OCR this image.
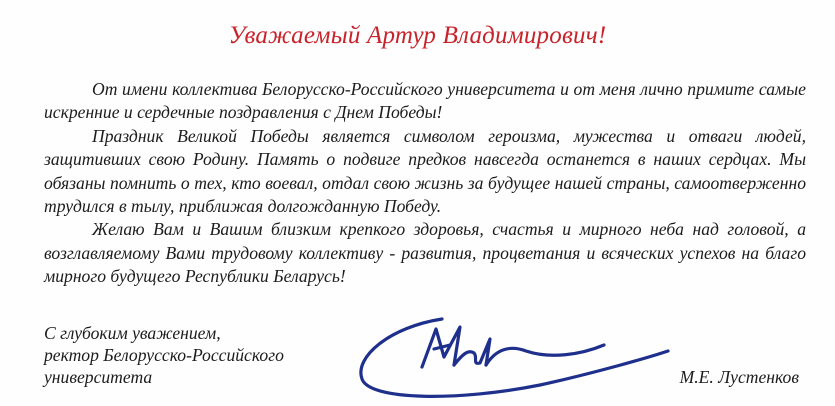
Уважаемый Артур Владимирович!

От имени коллектива Белорусско-Российского университета и от меня лично примите самые искренние и сердечные поздравления с Днем Победы!

Праздник Великой Победы является символом героизма, мужества и отваги людей, защитивших свою Родину. Память о подвиге предков навсегда останется в наших сердцах. Мы обязаны помнить о тех, кто воевал, отдал свою жизнь за будущее нашей страны, самоотверженно трудился в тылу, приближая долгожданную Победу.

Желаю Вам и Вашим близким крепкого здоровья, счастья и мирного неба над головой, а возглавляемому Вами трудовому коллективу - развития, процветания и всяческих успехов на благо мирного будущего Республики Беларусь!

С глубоким уважением,
ректор Белорусско-Российского
университета	М.Е. Лустенков
